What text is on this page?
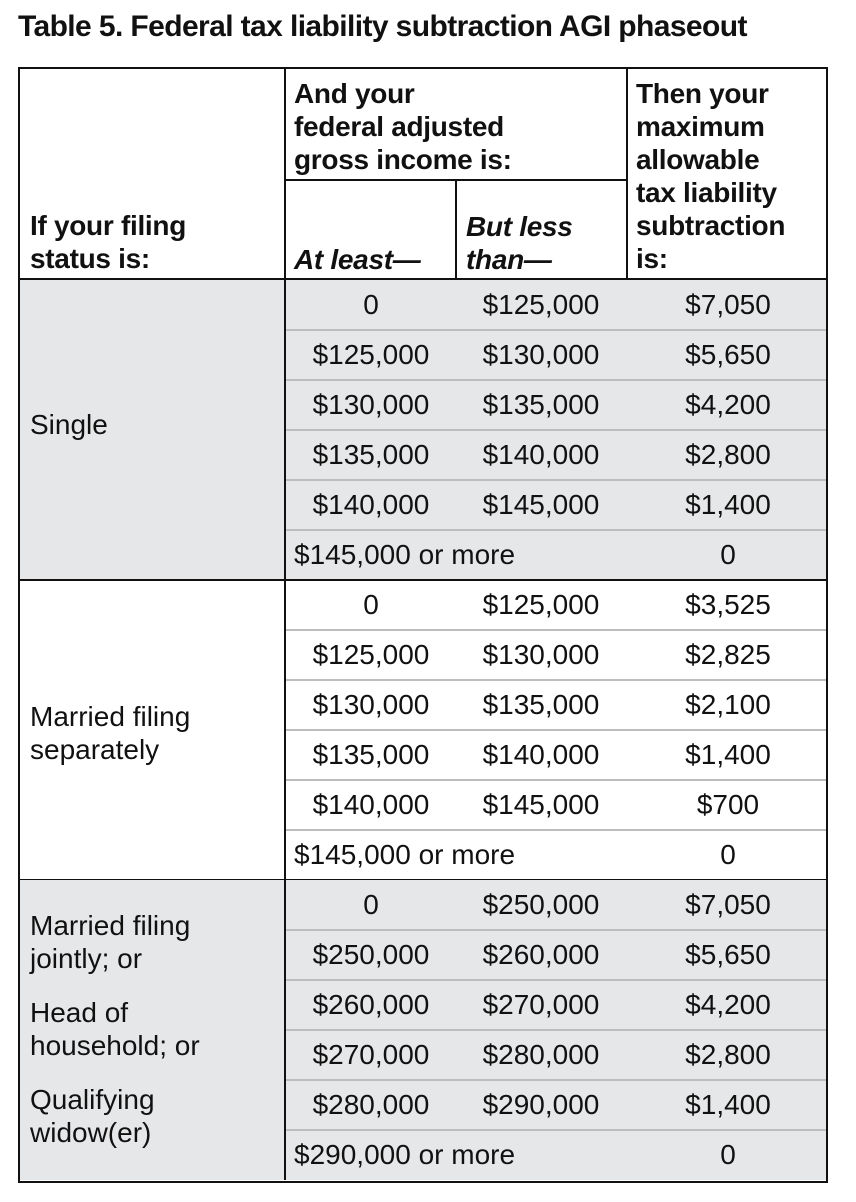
Table 5. Federal tax liability subtraction AGI phaseout
If your filing
status is:
And your
federal adjusted
gross income is:
At least—
But less
than—
Then your
maximum
allowable
tax liability
subtraction
is:
Single
0	$125,000	$7,050
$125,000	$130,000	$5,650
$130,000	$135,000	$4,200
$135,000	$140,000	$2,800
$140,000	$145,000	$1,400
$145,000 or more	0
Married filing
separately
0	$125,000	$3,525
$125,000	$130,000	$2,825
$130,000	$135,000	$2,100
$135,000	$140,000	$1,400
$140,000	$145,000	$700
$145,000 or more	0
Married filing
jointly; or
Head of
household; or
Qualifying
widow(er)
0	$250,000	$7,050
$250,000	$260,000	$5,650
$260,000	$270,000	$4,200
$270,000	$280,000	$2,800
$280,000	$290,000	$1,400
$290,000 or more	0
